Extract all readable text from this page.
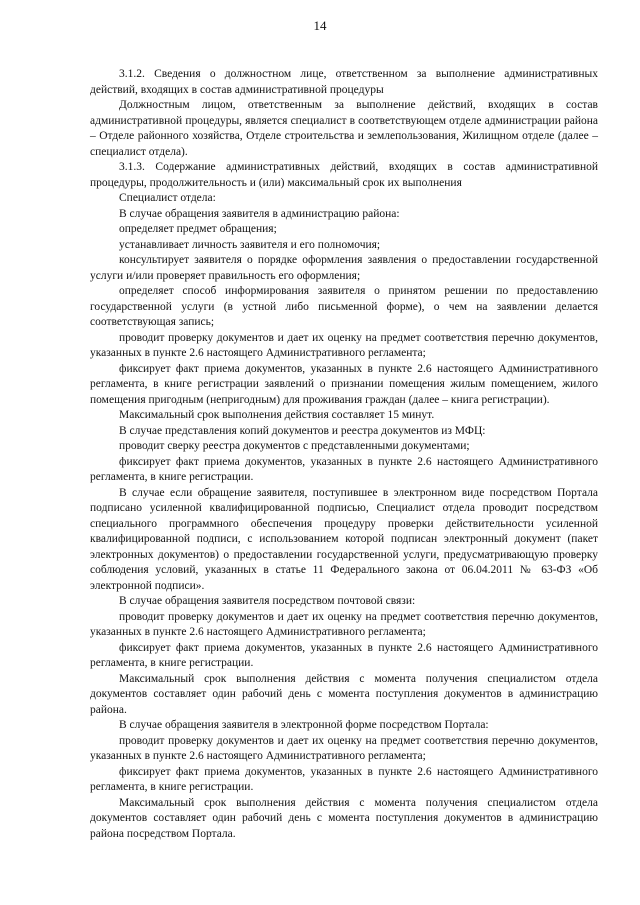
14

3.1.2. Сведения о должностном лице, ответственном за выполнение административных действий, входящих в состав административной процедуры

Должностным лицом, ответственным за выполнение действий, входящих в состав административной процедуры, является специалист в соответствующем отделе администрации района – Отделе районного хозяйства, Отделе строительства и землепользования, Жилищном отделе (далее – специалист отдела).

3.1.3. Содержание административных действий, входящих в состав административной процедуры, продолжительность и (или) максимальный срок их выполнения

Специалист отдела:

В случае обращения заявителя в администрацию района:

определяет предмет обращения;

устанавливает личность заявителя и его полномочия;

консультирует заявителя о порядке оформления заявления о предоставлении государственной услуги и/или проверяет правильность его оформления;

определяет способ информирования заявителя о принятом решении по предоставлению государственной услуги (в устной либо письменной форме), о чем на заявлении делается соответствующая запись;

проводит проверку документов и дает их оценку на предмет соответствия перечню документов, указанных в пункте 2.6 настоящего Административного регламента;

фиксирует факт приема документов, указанных в пункте 2.6 настоящего Административного регламента, в книге регистрации заявлений о признании помещения жилым помещением, жилого помещения пригодным (непригодным) для проживания граждан (далее – книга регистрации).

Максимальный срок выполнения действия составляет 15 минут.

В случае представления копий документов и реестра документов из МФЦ:

проводит сверку реестра документов с представленными документами;

фиксирует факт приема документов, указанных в пункте 2.6 настоящего Административного регламента, в книге регистрации.

В случае если обращение заявителя, поступившее в электронном виде посредством Портала подписано усиленной квалифицированной подписью, Специалист отдела проводит посредством специального программного обеспечения процедуру проверки действительности усиленной квалифицированной подписи, с использованием которой подписан электронный документ (пакет электронных документов) о предоставлении государственной услуги, предусматривающую проверку соблюдения условий, указанных в статье 11 Федерального закона от 06.04.2011 № 63-ФЗ «Об электронной подписи».

В случае обращения заявителя посредством почтовой связи:

проводит проверку документов и дает их оценку на предмет соответствия перечню документов, указанных в пункте 2.6 настоящего Административного регламента;

фиксирует факт приема документов, указанных в пункте 2.6 настоящего Административного регламента, в книге регистрации.

Максимальный срок выполнения действия с момента получения специалистом отдела документов составляет один рабочий день с момента поступления документов в администрацию района.

В случае обращения заявителя в электронной форме посредством Портала:

проводит проверку документов и дает их оценку на предмет соответствия перечню документов, указанных в пункте 2.6 настоящего Административного регламента;

фиксирует факт приема документов, указанных в пункте 2.6 настоящего Административного регламента, в книге регистрации.

Максимальный срок выполнения действия с момента получения специалистом отдела документов составляет один рабочий день с момента поступления документов в администрацию района посредством Портала.
